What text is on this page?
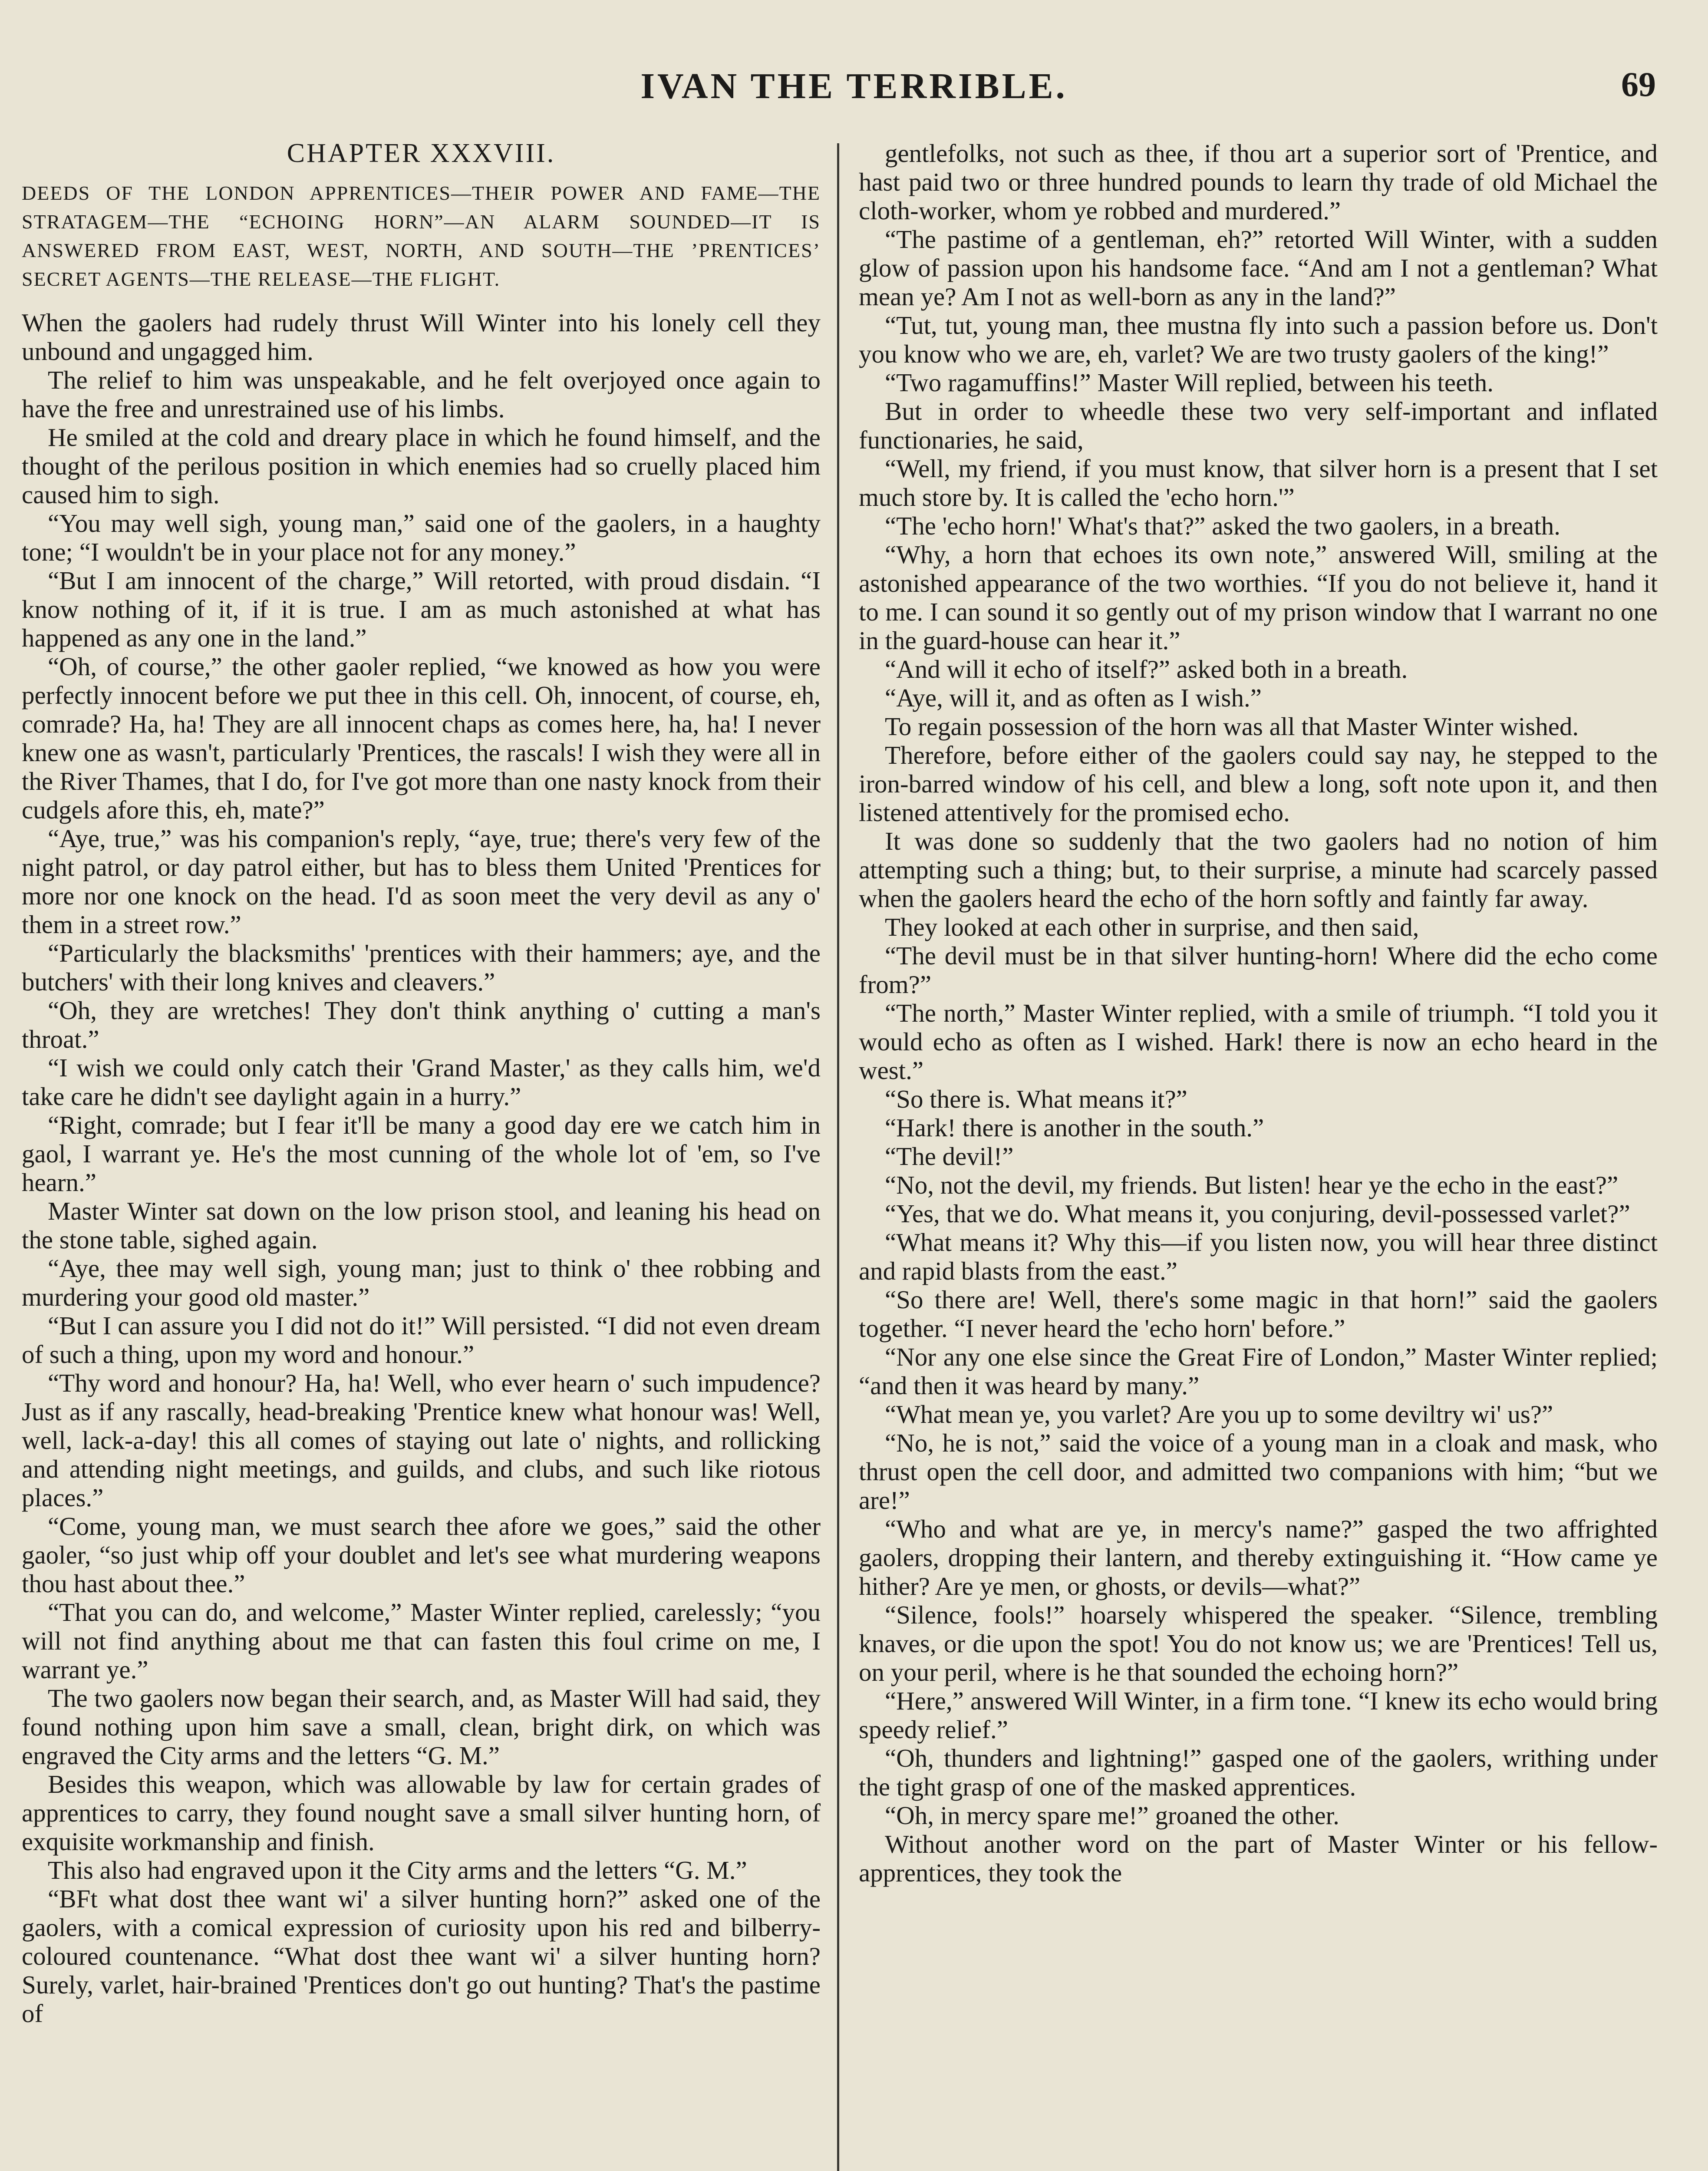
IVAN THE TERRIBLE.	69
CHAPTER XXXVIII.
DEEDS OF THE LONDON APPRENTICES—THEIR POWER AND FAME—THE STRATAGEM—THE “ECHOING HORN”—AN ALARM SOUNDED—IT IS ANSWERED FROM EAST, WEST, NORTH, AND SOUTH—THE ’PRENTICES’ SECRET AGENTS—THE RELEASE—THE FLIGHT.

When the gaolers had rudely thrust Will Winter into his lonely cell they unbound and ungagged him.

The relief to him was unspeakable, and he felt overjoyed once again to have the free and unrestrained use of his limbs.

He smiled at the cold and dreary place in which he found himself, and the thought of the perilous position in which enemies had so cruelly placed him caused him to sigh.

“You may well sigh, young man,” said one of the gaolers, in a haughty tone; “I wouldn't be in your place not for any money.”

“But I am innocent of the charge,” Will retorted, with proud disdain. “I know nothing of it, if it is true. I am as much astonished at what has happened as any one in the land.”

“Oh, of course,” the other gaoler replied, “we knowed as how you were perfectly innocent before we put thee in this cell. Oh, innocent, of course, eh, comrade? Ha, ha! They are all innocent chaps as comes here, ha, ha! I never knew one as wasn't, particularly 'Prentices, the rascals! I wish they were all in the River Thames, that I do, for I've got more than one nasty knock from their cudgels afore this, eh, mate?”

“Aye, true,” was his companion's reply, “aye, true; there's very few of the night patrol, or day patrol either, but has to bless them United 'Prentices for more nor one knock on the head. I'd as soon meet the very devil as any o' them in a street row.”

“Particularly the blacksmiths' 'prentices with their hammers; aye, and the butchers' with their long knives and cleavers.”

“Oh, they are wretches! They don't think anything o' cutting a man's throat.”

“I wish we could only catch their 'Grand Master,' as they calls him, we'd take care he didn't see daylight again in a hurry.”

“Right, comrade; but I fear it'll be many a good day ere we catch him in gaol, I warrant ye. He's the most cunning of the whole lot of 'em, so I've hearn.”

Master Winter sat down on the low prison stool, and leaning his head on the stone table, sighed again.

“Aye, thee may well sigh, young man; just to think o' thee robbing and murdering your good old master.”

“But I can assure you I did not do it!” Will persisted. “I did not even dream of such a thing, upon my word and honour.”

“Thy word and honour? Ha, ha! Well, who ever hearn o' such impudence? Just as if any rascally, head-breaking 'Prentice knew what honour was! Well, well, lack-a-day! this all comes of staying out late o' nights, and rollicking and attending night meetings, and guilds, and clubs, and such like riotous places.”

“Come, young man, we must search thee afore we goes,” said the other gaoler, “so just whip off your doublet and let's see what murdering weapons thou hast about thee.”

“That you can do, and welcome,” Master Winter replied, carelessly; “you will not find anything about me that can fasten this foul crime on me, I warrant ye.”

The two gaolers now began their search, and, as Master Will had said, they found nothing upon him save a small, clean, bright dirk, on which was engraved the City arms and the letters “G. M.”

Besides this weapon, which was allowable by law for certain grades of apprentices to carry, they found nought save a small silver hunting horn, of exquisite workmanship and finish.

This also had engraved upon it the City arms and the letters “G. M.”

“BFt what dost thee want wi' a silver hunting horn?” asked one of the gaolers, with a comical expression of curiosity upon his red and bilberry-coloured countenance. “What dost thee want wi' a silver hunting horn? Surely, varlet, hair-brained 'Prentices don't go out hunting? That's the pastime of

gentlefolks, not such as thee, if thou art a superior sort of 'Prentice, and hast paid two or three hundred pounds to learn thy trade of old Michael the cloth-worker, whom ye robbed and murdered.”

“The pastime of a gentleman, eh?” retorted Will Winter, with a sudden glow of passion upon his handsome face. “And am I not a gentleman? What mean ye? Am I not as well-born as any in the land?”

“Tut, tut, young man, thee mustna fly into such a passion before us. Don't you know who we are, eh, varlet? We are two trusty gaolers of the king!”

“Two ragamuffins!” Master Will replied, between his teeth.

But in order to wheedle these two very self-important and inflated functionaries, he said,

“Well, my friend, if you must know, that silver horn is a present that I set much store by. It is called the 'echo horn.'”

“The 'echo horn!' What's that?” asked the two gaolers, in a breath.

“Why, a horn that echoes its own note,” answered Will, smiling at the astonished appearance of the two worthies. “If you do not believe it, hand it to me. I can sound it so gently out of my prison window that I warrant no one in the guard-house can hear it.”

“And will it echo of itself?” asked both in a breath.

“Aye, will it, and as often as I wish.”

To regain possession of the horn was all that Master Winter wished.

Therefore, before either of the gaolers could say nay, he stepped to the iron-barred window of his cell, and blew a long, soft note upon it, and then listened attentively for the promised echo.

It was done so suddenly that the two gaolers had no notion of him attempting such a thing; but, to their surprise, a minute had scarcely passed when the gaolers heard the echo of the horn softly and faintly far away.

They looked at each other in surprise, and then said,

“The devil must be in that silver hunting-horn! Where did the echo come from?”

“The north,” Master Winter replied, with a smile of triumph. “I told you it would echo as often as I wished. Hark! there is now an echo heard in the west.”

“So there is. What means it?”

“Hark! there is another in the south.”

“The devil!”

“No, not the devil, my friends. But listen! hear ye the echo in the east?”

“Yes, that we do. What means it, you conjuring, devil-possessed varlet?”

“What means it? Why this—if you listen now, you will hear three distinct and rapid blasts from the east.”

“So there are! Well, there's some magic in that horn!” said the gaolers together. “I never heard the 'echo horn' before.”

“Nor any one else since the Great Fire of London,” Master Winter replied; “and then it was heard by many.”

“What mean ye, you varlet? Are you up to some deviltry wi' us?”

“No, he is not,” said the voice of a young man in a cloak and mask, who thrust open the cell door, and admitted two companions with him; “but we are!”

“Who and what are ye, in mercy's name?” gasped the two affrighted gaolers, dropping their lantern, and thereby extinguishing it. “How came ye hither? Are ye men, or ghosts, or devils—what?”

“Silence, fools!” hoarsely whispered the speaker. “Silence, trembling knaves, or die upon the spot! You do not know us; we are 'Prentices! Tell us, on your peril, where is he that sounded the echoing horn?”

“Here,” answered Will Winter, in a firm tone. “I knew its echo would bring speedy relief.”

“Oh, thunders and lightning!” gasped one of the gaolers, writhing under the tight grasp of one of the masked apprentices.

“Oh, in mercy spare me!” groaned the other.

Without another word on the part of Master Winter or his fellow-apprentices, they took the
